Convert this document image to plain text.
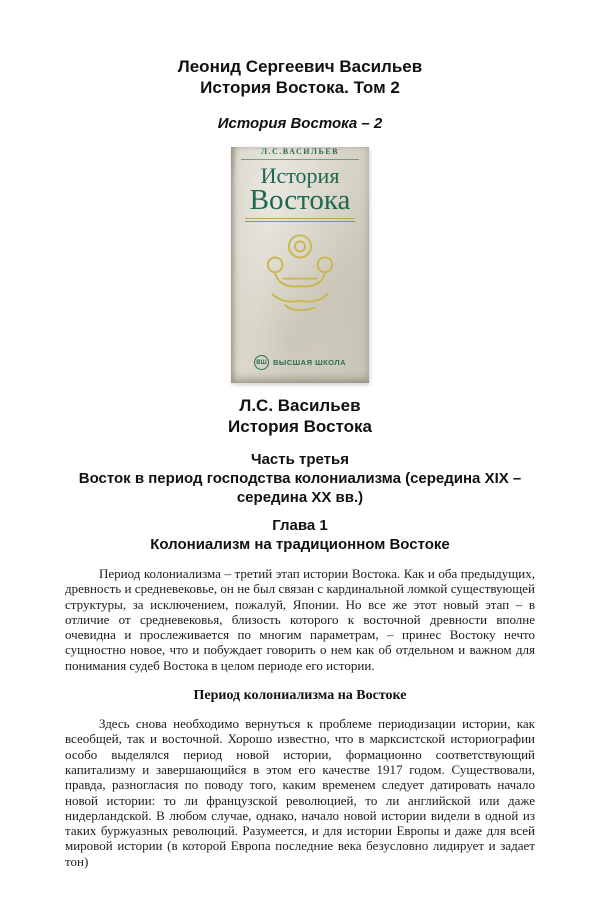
Леонид Сергеевич Васильев
История Востока. Том 2
История Востока – 2
Л.С.ВАСИЛЬЕВ
История
Востока
ВШ ВЫСШАЯ ШКОЛА
Л.С. Васильев
История Востока
Часть третья
Восток в период господства колониализма (середина XIX – середина XX вв.)
Глава 1
Колониализм на традиционном Востоке

Период колониализма – третий этап истории Востока. Как и оба предыдущих, древность и средневековье, он не был связан с кардинальной ломкой существующей структуры, за исключением, пожалуй, Японии. Но все же этот новый этап – в отличие от средневековья, близость которого к восточной древности вполне очевидна и прослеживается по многим параметрам, – принес Востоку нечто сущностно новое, что и побуждает говорить о нем как об отдельном и важном для понимания судеб Востока в целом периоде его истории.

Период колониализма на Востоке

Здесь снова необходимо вернуться к проблеме периодизации истории, как всеобщей, так и восточной. Хорошо известно, что в марксистской историографии особо выделялся период новой истории, формационно соответствующий капитализму и завершающийся в этом его качестве 1917 годом. Существовали, правда, разногласия по поводу того, каким временем следует датировать начало новой истории: то ли французской революцией, то ли английской или даже нидерландской. В любом случае, однако, начало новой истории видели в одной из таких буржуазных революций. Разумеется, и для истории Европы и даже для всей мировой истории (в которой Европа последние века безусловно лидирует и задает тон)
